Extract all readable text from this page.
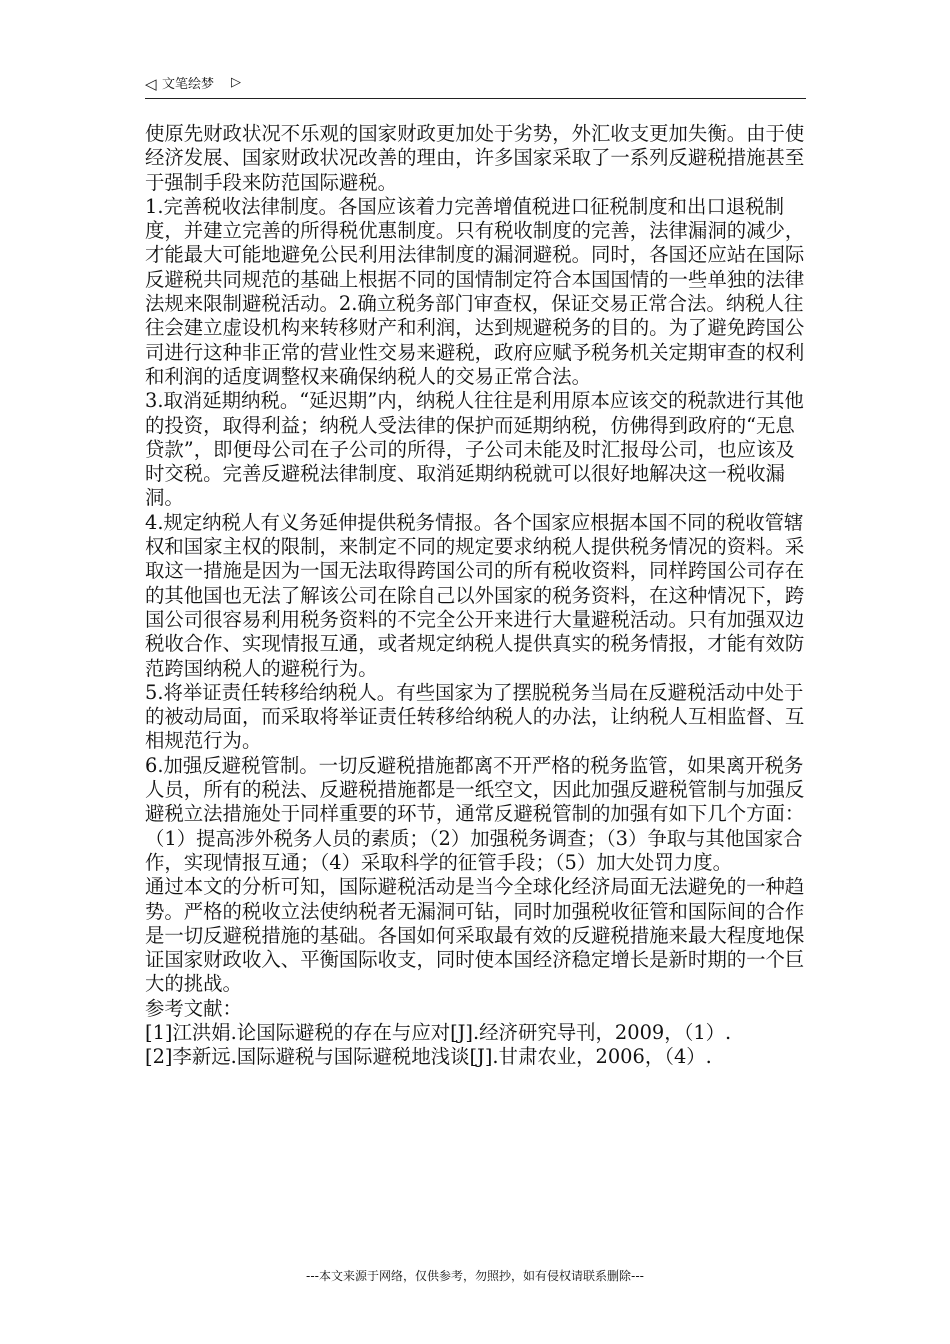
◁ 文笔绘梦 ▷

使原先财政状况不乐观的国家财政更加处于劣势，外汇收支更加失衡。由于使经济发展、国家财政状况改善的理由，许多国家采取了一系列反避税措施甚至于强制手段来防范国际避税。

1.完善税收法律制度。各国应该着力完善增值税进口征税制度和出口退税制度，并建立完善的所得税优惠制度。只有税收制度的完善，法律漏洞的减少，才能最大可能地避免公民利用法律制度的漏洞避税。同时，各国还应站在国际反避税共同规范的基础上根据不同的国情制定符合本国国情的一些单独的法律法规来限制避税活动。2.确立税务部门审查权，保证交易正常合法。纳税人往往会建立虚设机构来转移财产和利润，达到规避税务的目的。为了避免跨国公司进行这种非正常的营业性交易来避税，政府应赋予税务机关定期审查的权利和利润的适度调整权来确保纳税人的交易正常合法。

3.取消延期纳税。“延迟期”内，纳税人往往是利用原本应该交的税款进行其他的投资，取得利益；纳税人受法律的保护而延期纳税，仿佛得到政府的“无息贷款”，即便母公司在子公司的所得，子公司未能及时汇报母公司，也应该及时交税。完善反避税法律制度、取消延期纳税就可以很好地解决这一税收漏洞。

4.规定纳税人有义务延伸提供税务情报。各个国家应根据本国不同的税收管辖权和国家主权的限制，来制定不同的规定要求纳税人提供税务情况的资料。采取这一措施是因为一国无法取得跨国公司的所有税收资料，同样跨国公司存在的其他国也无法了解该公司在除自己以外国家的税务资料，在这种情况下，跨国公司很容易利用税务资料的不完全公开来进行大量避税活动。只有加强双边税收合作、实现情报互通，或者规定纳税人提供真实的税务情报，才能有效防范跨国纳税人的避税行为。

5.将举证责任转移给纳税人。有些国家为了摆脱税务当局在反避税活动中处于的被动局面，而采取将举证责任转移给纳税人的办法，让纳税人互相监督、互相规范行为。

6.加强反避税管制。一切反避税措施都离不开严格的税务监管，如果离开税务人员，所有的税法、反避税措施都是一纸空文，因此加强反避税管制与加强反避税立法措施处于同样重要的环节，通常反避税管制的加强有如下几个方面：（1）提高涉外税务人员的素质；（2）加强税务调查；（3）争取与其他国家合作，实现情报互通；（4）采取科学的征管手段；（5）加大处罚力度。

通过本文的分析可知，国际避税活动是当今全球化经济局面无法避免的一种趋势。严格的税收立法使纳税者无漏洞可钻，同时加强税收征管和国际间的合作是一切反避税措施的基础。各国如何采取最有效的反避税措施来最大程度地保证国家财政收入、平衡国际收支，同时使本国经济稳定增长是新时期的一个巨大的挑战。

参考文献：

[1]江洪娟.论国际避税的存在与应对[J].经济研究导刊，2009，（1）.

[2]李新远.国际避税与国际避税地浅谈[J].甘肃农业，2006，（4）.

---本文来源于网络，仅供参考，勿照抄，如有侵权请联系删除---
